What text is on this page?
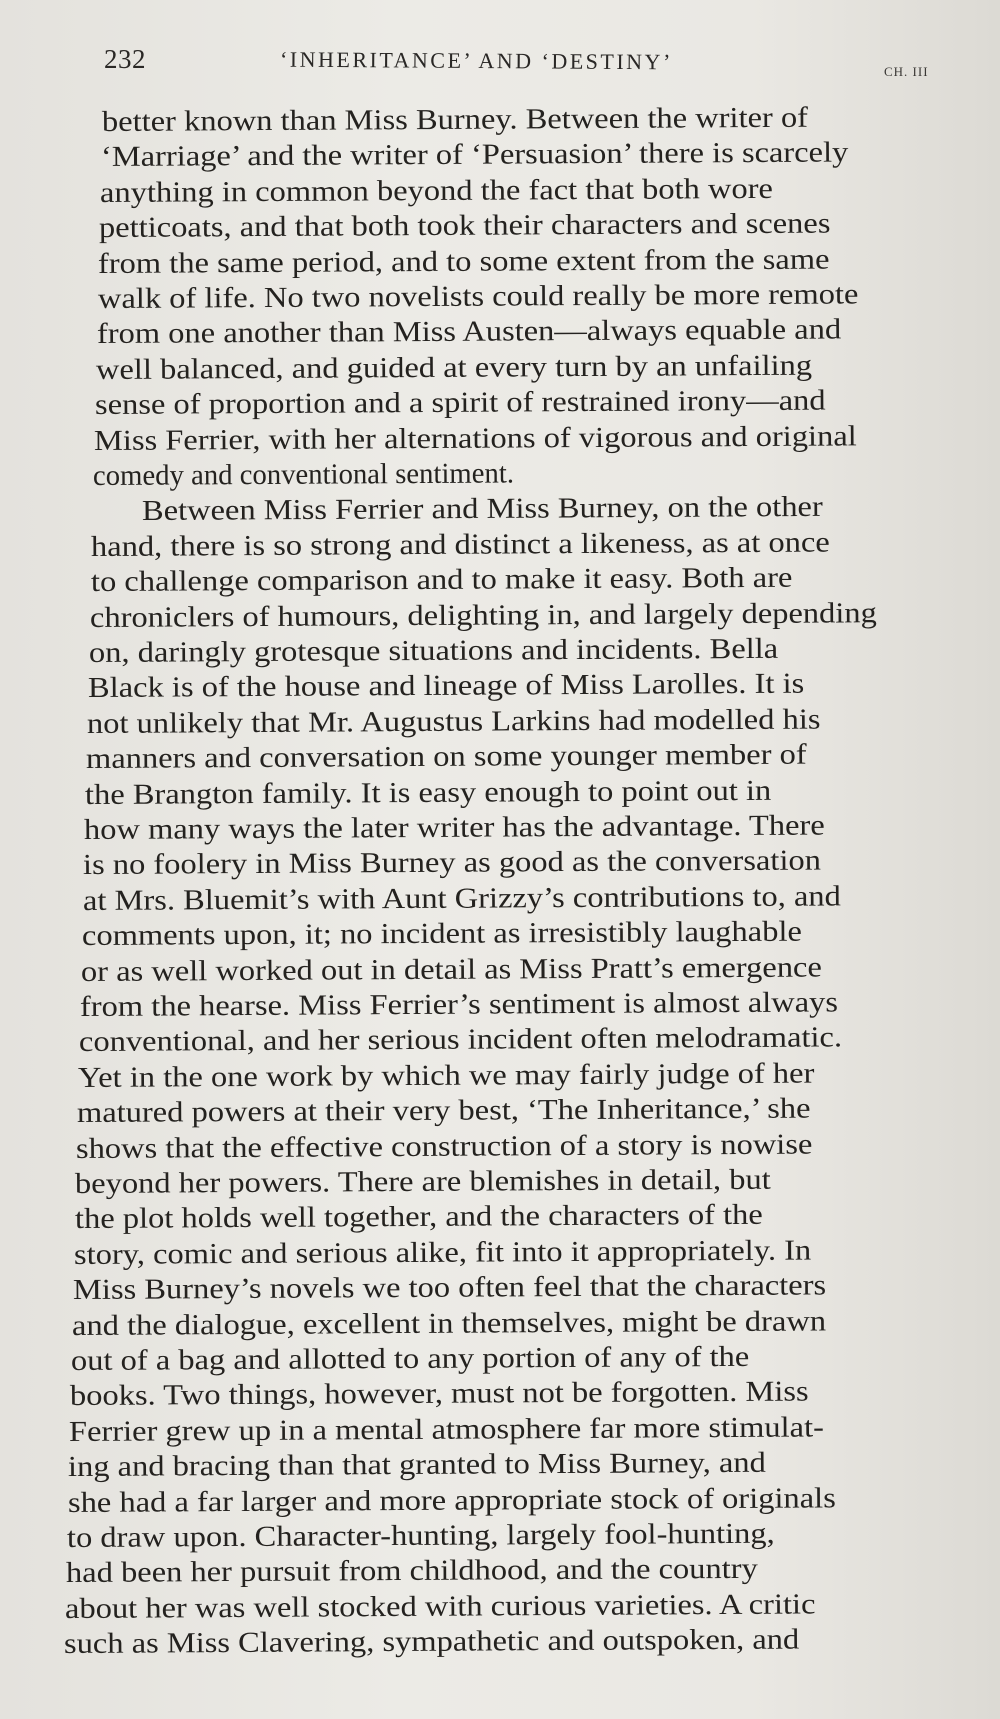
232	‘INHERITANCE’ AND ‘DESTINY’	CH. III
better known than Miss Burney. Between the writer of
‘Marriage’ and the writer of ‘Persuasion’ there is scarcely
anything in common beyond the fact that both wore
petticoats, and that both took their characters and scenes
from the same period, and to some extent from the same
walk of life. No two novelists could really be more remote
from one another than Miss Austen—always equable and
well balanced, and guided at every turn by an unfailing
sense of proportion and a spirit of restrained irony—and
Miss Ferrier, with her alternations of vigorous and original
comedy and conventional sentiment.
Between Miss Ferrier and Miss Burney, on the other
hand, there is so strong and distinct a likeness, as at once
to challenge comparison and to make it easy. Both are
chroniclers of humours, delighting in, and largely depending
on, daringly grotesque situations and incidents. Bella
Black is of the house and lineage of Miss Larolles. It is
not unlikely that Mr. Augustus Larkins had modelled his
manners and conversation on some younger member of
the Brangton family. It is easy enough to point out in
how many ways the later writer has the advantage. There
is no foolery in Miss Burney as good as the conversation
at Mrs. Bluemit’s with Aunt Grizzy’s contributions to, and
comments upon, it; no incident as irresistibly laughable
or as well worked out in detail as Miss Pratt’s emergence
from the hearse. Miss Ferrier’s sentiment is almost always
conventional, and her serious incident often melodramatic.
Yet in the one work by which we may fairly judge of her
matured powers at their very best, ‘The Inheritance,’ she
shows that the effective construction of a story is nowise
beyond her powers. There are blemishes in detail, but
the plot holds well together, and the characters of the
story, comic and serious alike, fit into it appropriately. In
Miss Burney’s novels we too often feel that the characters
and the dialogue, excellent in themselves, might be drawn
out of a bag and allotted to any portion of any of the
books. Two things, however, must not be forgotten. Miss
Ferrier grew up in a mental atmosphere far more stimulat-
ing and bracing than that granted to Miss Burney, and
she had a far larger and more appropriate stock of originals
to draw upon. Character-hunting, largely fool-hunting,
had been her pursuit from childhood, and the country
about her was well stocked with curious varieties. A critic
such as Miss Clavering, sympathetic and outspoken, and
